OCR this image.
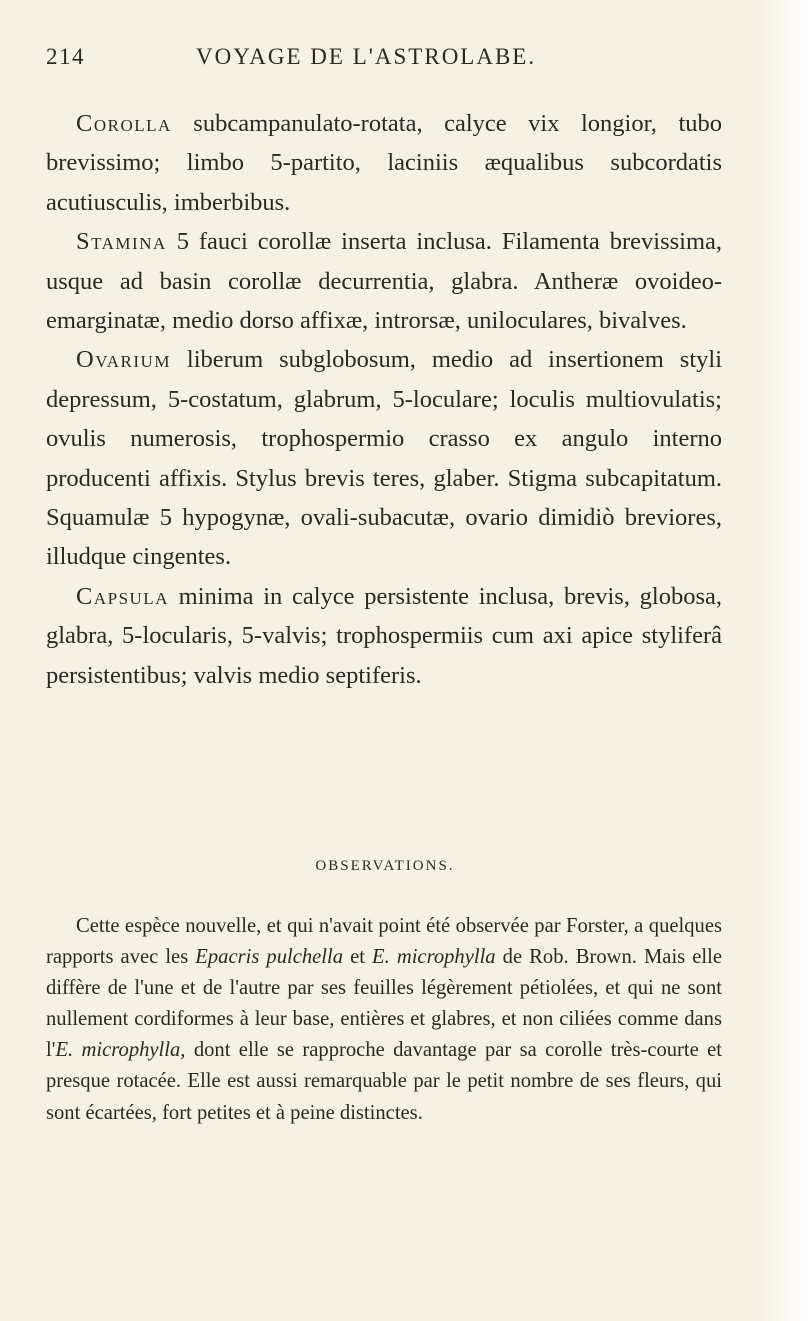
214	VOYAGE DE L'ASTROLABE.

Corolla subcampanulato-rotata, calyce vix longior, tubo brevissimo; limbo 5-partito, laciniis æqualibus subcordatis acutiusculis, imberbibus.

Stamina 5 fauci corollæ inserta inclusa. Filamenta brevissima, usque ad basin corollæ decurrentia, glabra. Antheræ ovoideo-emarginatæ, medio dorso affixæ, introrsæ, uniloculares, bivalves.

Ovarium liberum subglobosum, medio ad insertionem styli depressum, 5-costatum, glabrum, 5-loculare; loculis multiovulatis; ovulis numerosis, trophospermio crasso ex angulo interno producenti affixis. Stylus brevis teres, glaber. Stigma subcapitatum. Squamulæ 5 hypogynæ, ovali-subacutæ, ovario dimidiò breviores, illudque cingentes.

Capsula minima in calyce persistente inclusa, brevis, globosa, glabra, 5-locularis, 5-valvis; trophospermiis cum axi apice styliferâ persistentibus; valvis medio septiferis.

OBSERVATIONS.

Cette espèce nouvelle, et qui n'avait point été observée par Forster, a quelques rapports avec les Epacris pulchella et E. microphylla de Rob. Brown. Mais elle diffère de l'une et de l'autre par ses feuilles légèrement pétiolées, et qui ne sont nullement cordiformes à leur base, entières et glabres, et non ciliées comme dans l'E. microphylla, dont elle se rapproche davantage par sa corolle très-courte et presque rotacée. Elle est aussi remarquable par le petit nombre de ses fleurs, qui sont écartées, fort petites et à peine distinctes.
